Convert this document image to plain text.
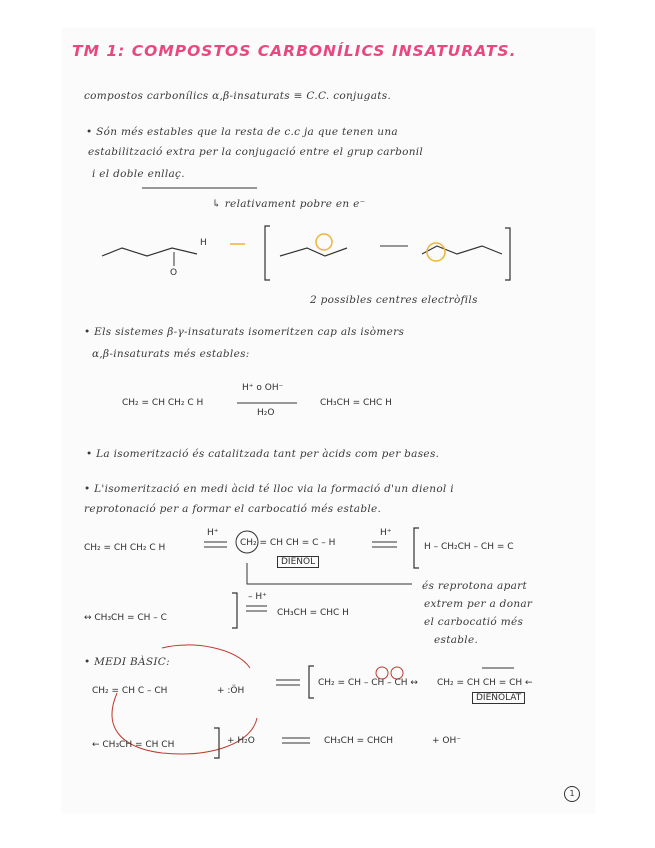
TM 1: COMPOSTOS CARBONÍLICS INSATURATS.
compostos carbonílics α,β-insaturats ≡ C.C. conjugats.
• Són més estables que la resta de c.c ja que tenen una
estabilització extra per la conjugació entre el grup carbonil
i el doble enllaç.
↳ relativament pobre en e⁻
H
O
2 possibles centres electròfils
• Els sistemes β-γ-insaturats isomeritzen cap als isòmers
α,β-insaturats més estables:
CH₂ = CH CH₂ C H
H⁺ o OH⁻
H₂O
CH₃CH = CHC H
• La isomerització és catalitzada tant per àcids com per bases.
• L'isomerització en medi àcid té lloc via la formació d'un dienol i
reprotonació per a formar el carbocatió més estable.
CH₂ = CH CH₂ C H
H⁺
CH₂ = CH CH = C – H
DIENOL
H⁺
H – CH₂CH – CH = C
↔ CH₃CH = CH – C
– H⁺
CH₃CH = CHC H
és reprotona apart
extrem per a donar
el carbocatió més
estable.
• MEDI BÀSIC:
CH₂ = CH C – CH	+ :ÖH
CH₂ = CH – CH – CH ↔ CH₂ = CH CH = CH ←
DIENOLAT
← CH₃CH = CH CH	+ H₂O	CH₃CH = CHCH	+ OH⁻
1
